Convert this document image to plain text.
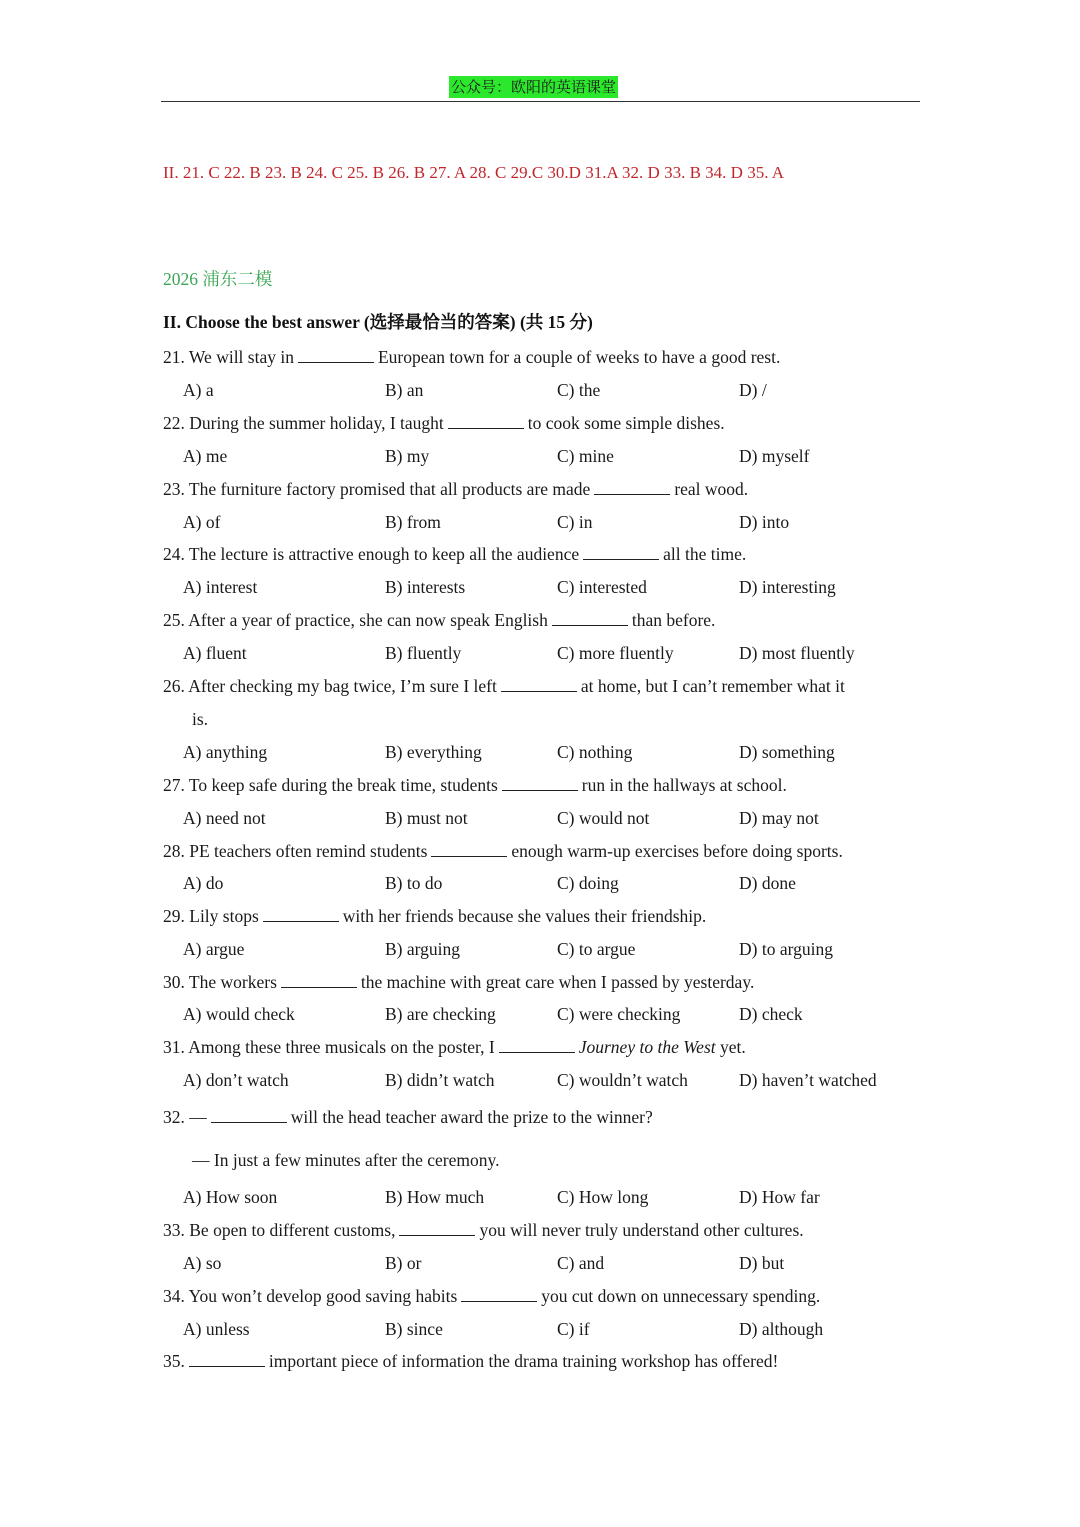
公众号：欧阳的英语课堂
II. 21. C 22. B 23. B 24. C 25. B 26. B 27. A 28. C 29.C 30.D 31.A 32. D 33. B 34. D 35. A
2026 浦东二模
II. Choose the best answer (选择最恰当的答案) (共 15 分)
21. We will stay in	European town for a couple of weeks to have a good rest.
A) a	B) an	C) the	D) /
22. During the summer holiday, I taught	to cook some simple dishes.
A) me	B) my	C) mine	D) myself
23. The furniture factory promised that all products are made	real wood.
A) of	B) from	C) in	D) into
24. The lecture is attractive enough to keep all the audience	all the time.
A) interest	B) interests	C) interested	D) interesting
25. After a year of practice, she can now speak English	than before.
A) fluent	B) fluently	C) more fluently	D) most fluently
26. After checking my bag twice, I’m sure I left	at home, but I can’t remember what it
is.
A) anything	B) everything	C) nothing	D) something
27. To keep safe during the break time, students	run in the hallways at school.
A) need not	B) must not	C) would not	D) may not
28. PE teachers often remind students	enough warm-up exercises before doing sports.
A) do	B) to do	C) doing	D) done
29. Lily stops	with her friends because she values their friendship.
A) argue	B) arguing	C) to argue	D) to arguing
30. The workers	the machine with great care when I passed by yesterday.
A) would check	B) are checking	C) were checking	D) check
31. Among these three musicals on the poster, I	Journey to the West yet.
A) don’t watch	B) didn’t watch	C) wouldn’t watch	D) haven’t watched
32. —	will the head teacher award the prize to the winner?
— In just a few minutes after the ceremony.
A) How soon	B) How much	C) How long	D) How far
33. Be open to different customs,	you will never truly understand other cultures.
A) so	B) or	C) and	D) but
34. You won’t develop good saving habits	you cut down on unnecessary spending.
A) unless	B) since	C) if	D) although
35.	important piece of information the drama training workshop has offered!
